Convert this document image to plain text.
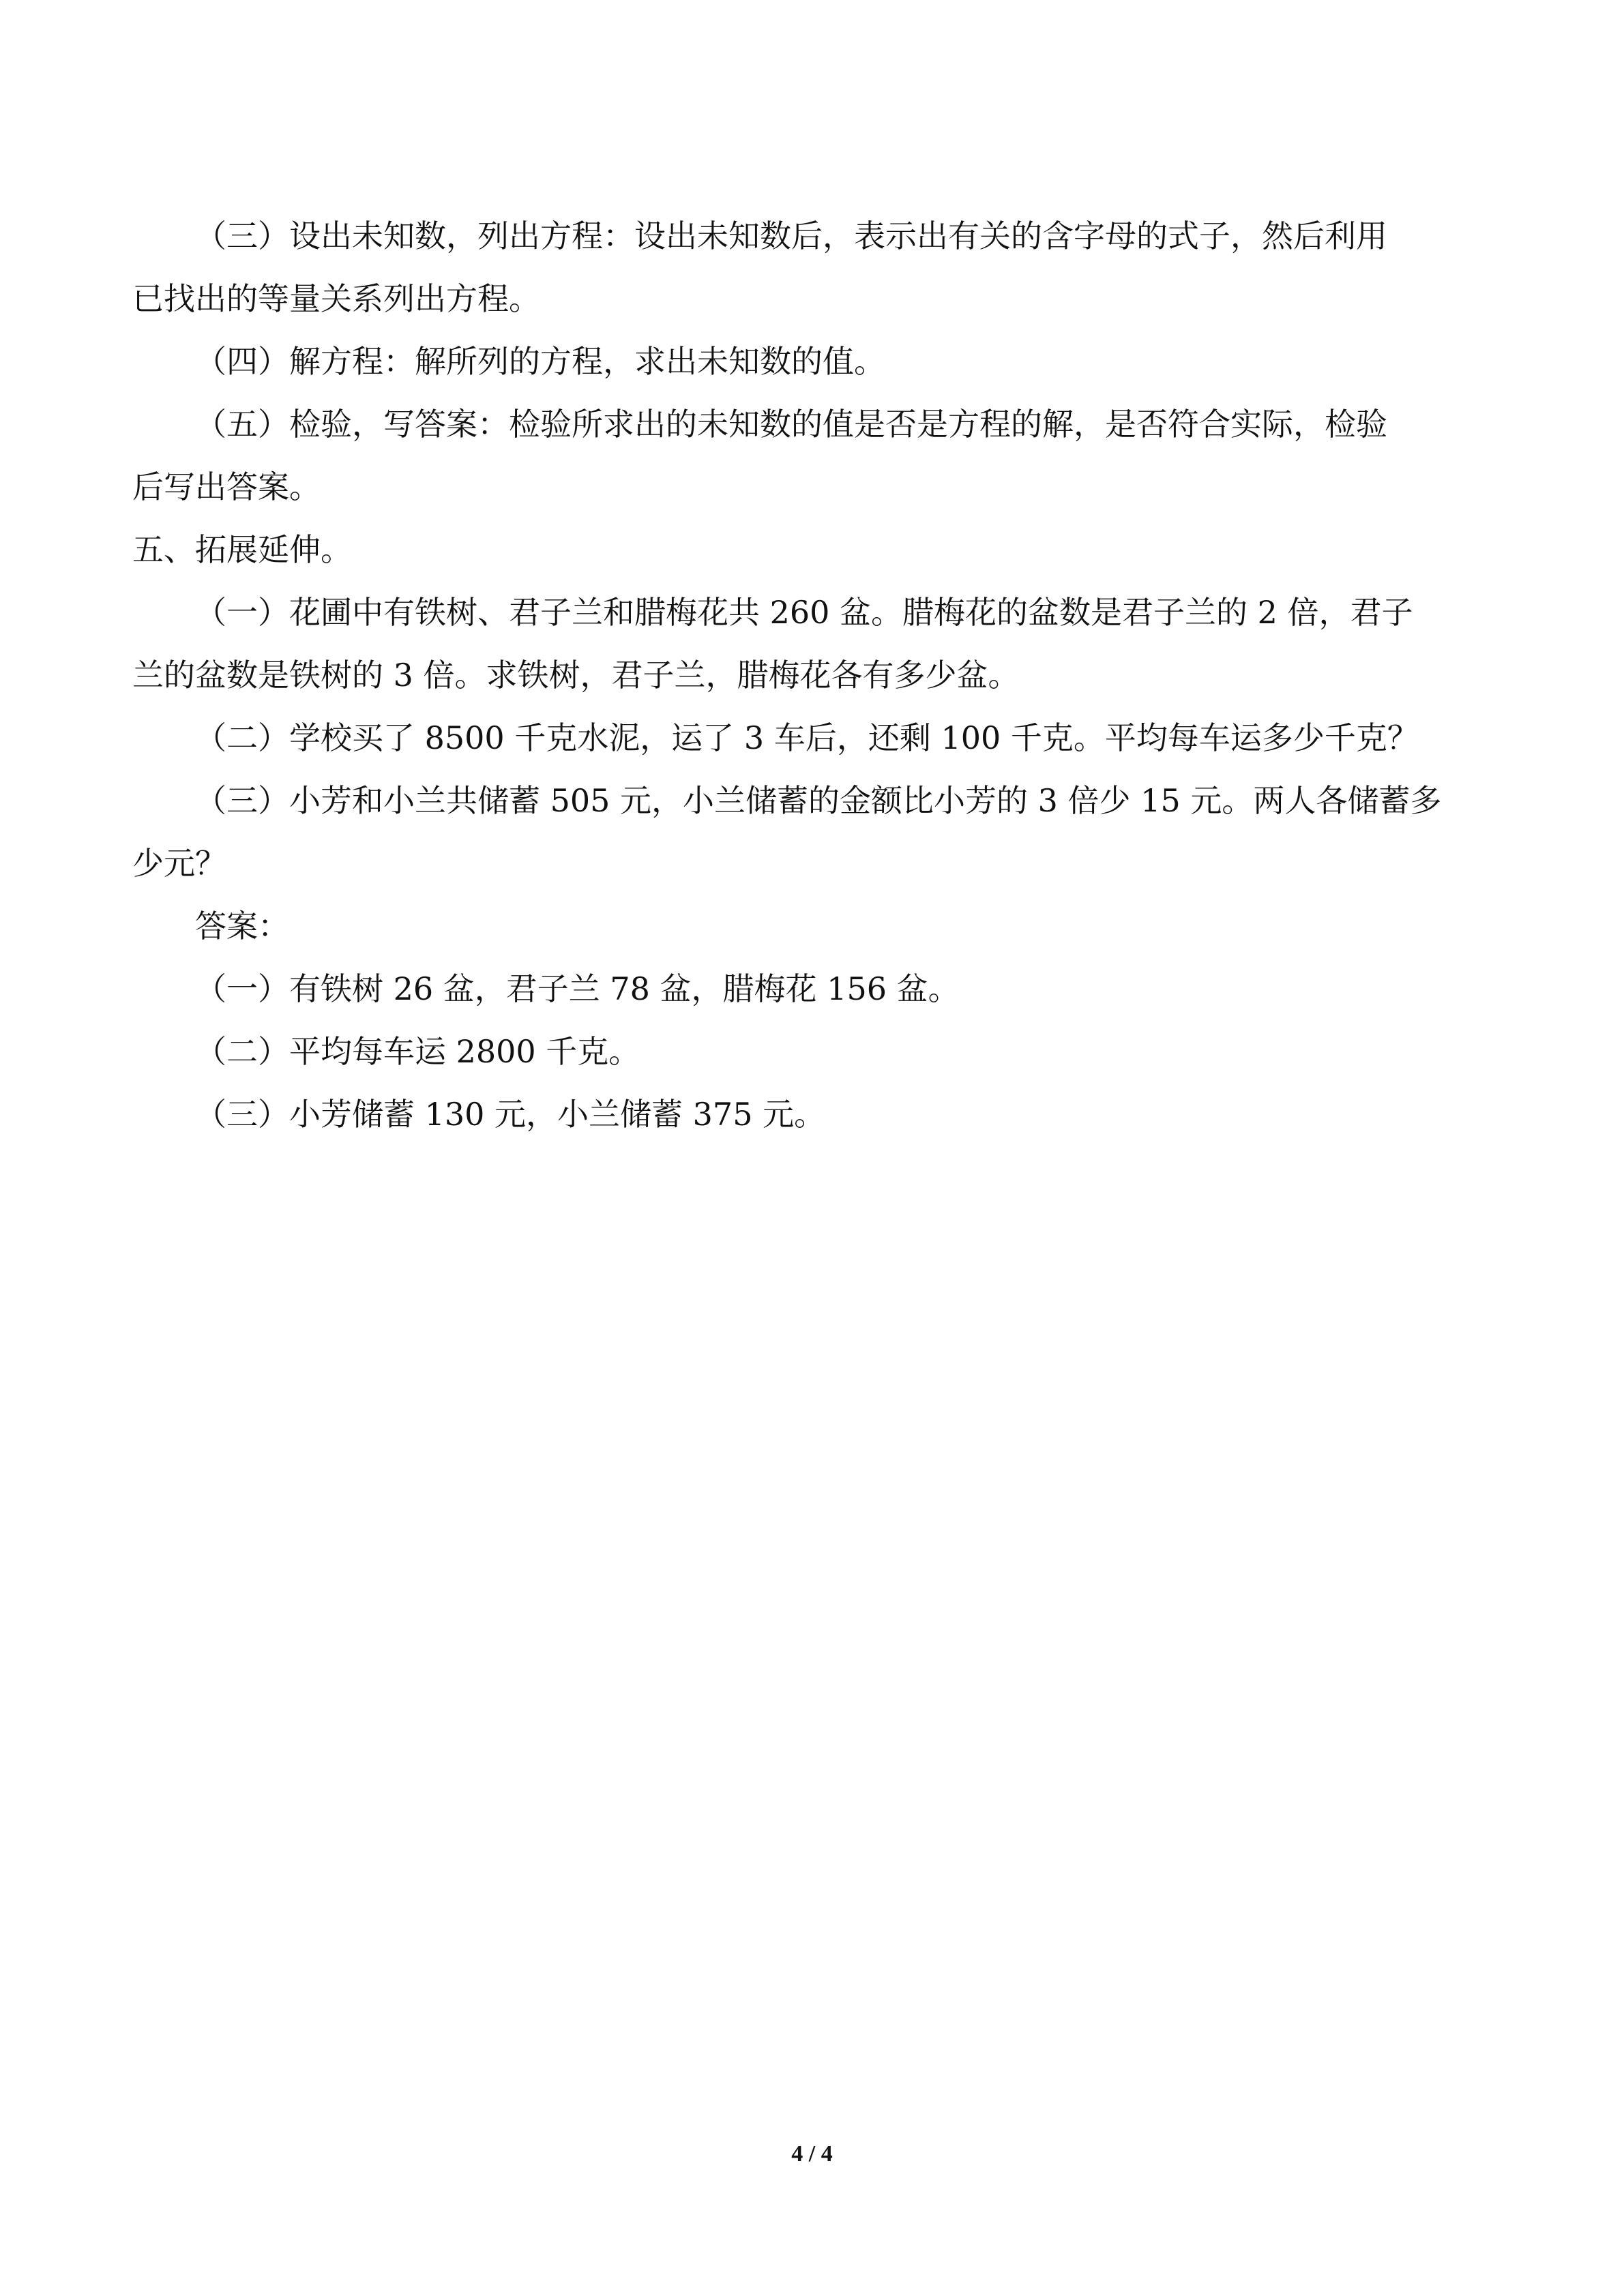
（三）设出未知数，列出方程：设出未知数后，表示出有关的含字母的式子，然后利用

已找出的等量关系列出方程。

（四）解方程：解所列的方程，求出未知数的值。

（五）检验，写答案：检验所求出的未知数的值是否是方程的解，是否符合实际，检验

后写出答案。

五、拓展延伸。

（一）花圃中有铁树、君子兰和腊梅花共 260 盆。腊梅花的盆数是君子兰的 2 倍，君子

兰的盆数是铁树的 3 倍。求铁树，君子兰，腊梅花各有多少盆。

（二）学校买了 8500 千克水泥，运了 3 车后，还剩 100 千克。平均每车运多少千克？

（三）小芳和小兰共储蓄 505 元，小兰储蓄的金额比小芳的 3 倍少 15 元。两人各储蓄多

少元？

答案：

（一）有铁树 26 盆，君子兰 78 盆，腊梅花 156 盆。

（二）平均每车运 2800 千克。

（三）小芳储蓄 130 元，小兰储蓄 375 元。

4 / 4
